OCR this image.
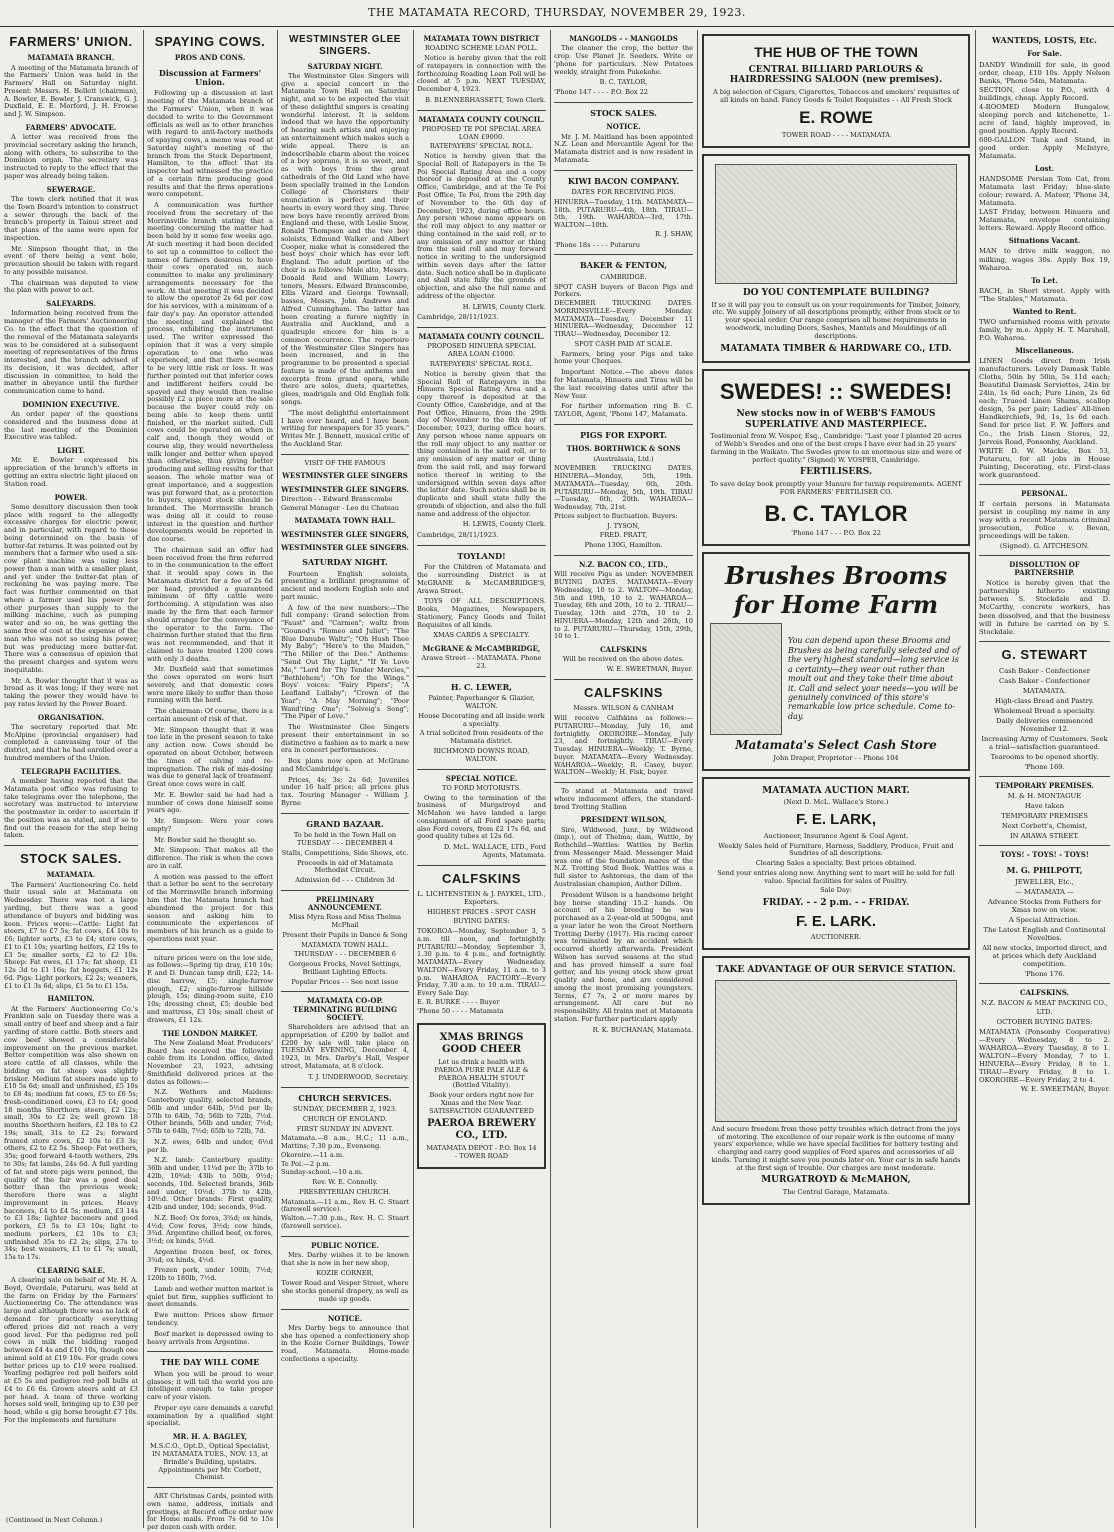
THE MATAMATA RECORD, THURSDAY, NOVEMBER 29, 1923.
FARMERS' UNION.
MATAMATA BRANCH.

A meeting of the Matamata branch of the Farmers' Union was held in the Farmers' Hall on Saturday night. Present: Messrs. H. Bellett (chairman), A. Bowler, E. Bowler, J. Cranswick, G. J. Duxfield, E. E. Morford, J. H. Frowse and J. W. Simpson.

FARMERS' ADVOCATE.

A letter was received from the provincial secretary asking the branch, along with others, to subscribe to the Dominion organ. The secretary was instructed to reply to the effect that the paper was already being taken.

SEWERAGE.

The town clerk notified that it was the Town Board's intention to construct a sewer through the back of the branch's property in Tainui street and that plans of the same were open for inspection.

Mr. Simpson thought that, in the event of there being a vent hole, precaution should be taken with regard to any possible nuisance.

The chairman was deputed to view the plan with power to act.

SALEYARDS.

Information being received from the manager of the Farmers' Auctioneering Co. to the effect that the question of the removal of the Matamata saleyards was to be considered at a subsequent meeting of representatives of the firms interested, and the branch advised of its decision, it was decided, after discussion in committee, to hold the matter in abeyance until the further communication came to hand.

DOMINION EXECUTIVE.

An order paper of the questions considered and the business done at the last meeting of the Dominion Executive was tabled.

LIGHT.

Mr. E. Bowler expressed his appreciation of the branch's efforts in getting an extra electric light placed on Station road.

POWER.

Some desultory discussion then took place with regard to the allegedly excessive charges for electric power, and in particular, with regard to those being determined on the basis of butter-fat returns. It was pointed out by members that a farmer who used a six-cow plant machine was using less power than a man with a smaller plant, and yet under the butter-fat plan of reckoning he was paying more. The fact was further commented on that where a farmer used his power for other purposes than supply to the milking machine, such as pumping water and so on, he was getting the same free of cost at the expense of the man who was not so using his power, but was producing more butter-fat. There was a consensus of opinion that the present charges and system were inequitable.

Mr. A. Bowler thought that it was as broad as it was long; if they were not taking the power they would have to pay rates levied by the Power Board.

ORGANISATION.

The secretary reported that Mr. McAlpine (provincial organiser) had completed a canvassing tour of the district, and that he had enrolled over a hundred members of the Union.

TELEGRAPH FACILITIES.

A member having reported that the Matamata post office was refusing to take telegrams over the telephone, the secretary was instructed to interview the postmaster in order to ascertain if the position was as stated, and if so to find out the reason for the step being taken.

STOCK SALES.
MATAMATA.

The Farmers' Auctioneering Co. held their usual sale at Matamata on Wednesday. There was not a large yarding, but there was a good attendance of buyers and bidding was keen. Prices were:—Cattle: Light fat steers, £7 to £7 5s; fat cows, £4 10s to £6; lighter sorts, £3 to £4; store cows, £1 to £1 10s; yearling heifers, £2 19s to £3 5s; smaller sorts, £2 to £2 10s. Sheep: Fat ewes, £1 17s; fat sheep, £1 12s 3d to £1 16s; fat hoggets, £1 12s 6d. Pigs: Light porkers, £2 2s; weaners, £1 to £1 3s 6d; slips, £1 5s to £1 15s.

HAMILTON.

At the Farmers' Auctioneering Co.'s Frankton sale on Tuesday there was a small entry of beef and sheep and a fair yarding of store cattle. Both steers and cow beef showed a considerable improvement on the previous market. Better competition was also shown on store cattle of all classes, while the bidding on fat sheep was slightly brisker. Medium fat steers made up to £10 5s 6d; small and unfinished, £5 10s to £8 4s; medium fat cows, £5 to £6 5s; fresh-conditioned cows, £3 to £4; good 18 months Shorthorn steers, £2 12s; small, 30s to £2 2s; well grown 18 months Shorthorn heifers, £2 18s to £2 19s; small, 31s to £2 2s; forward framed store cows, £2 10s to £3 3s; others, £2 to £2 5s. Sheep: Fat wethers, 35s; good forward 4-tooth wethers, 29s to 30s; fat lambs, 24s 6d. A full yarding of fat and store pigs were penned, the quality of the fair was a good deal better than the previous week; therefore there was a slight improvement in prices. Heavy baconers, £4 to £4 5s; medium, £3 14s to £3 18s; lighter baconers and good porkers, £3 5s to £3 10s; light to medium porkers, £2 10s to £3; unfinished 35s to £2 2s; slips, 27s to 34s; best weaners, £1 to £1 7s; small, 15s to 17s.

CLEARING SALE.

A clearing sale on behalf of Mr. H. A. Boyd, Overdale, Putaruru, was held at the farm on Friday by the Farmers' Auctioneering Co. The attendance was large and although there was no lack of demand for practically everything offered prices did not reach a very good level. For the pedigree red poll cows in milk the bidding ranged between £4 4s and £10 10s, though one animal sold at £19 10s. For grade cows better prices up to £19 were realised. Yearling pedigree red poll heifers sold at £5 5s and pedigree red poll bulls at £4 to £6 6s. Grown steers sold at £3 per head. A team of three working horses sold well, bringing up to £30 per head, while a gig horse brought £7 10s. For the implements and furniture

(Continued in Next Column.)
SPAYING COWS.
PROS AND CONS.
Discussion at Farmers' Union.

Following up a discussion at last meeting of the Matamata branch of the Farmers' Union, when it was decided to write to the Government officials as well as to other branches with regard to anti-factory methods of spaying cows, a memo was read at Saturday night's meeting of the branch from the Stock Department, Hamilton, to the effect that its inspector had witnessed the practice of a certain firm producing good results and that the firms operations were competent.

A communication was further received from the secretary of the Morrinsville branch stating that a meeting concerning the matter had been held by it some few weeks ago. At such meeting it had been decided to set up a committee to collect the names of farmers desirous to have their cows operated on, such committee to make any preliminary arrangements necessary for the work. At that meeting it was decided to allow the operator 2s 6d per cow for his services, with a minimum of a fair day's pay. An operator attended the meeting and explained the process, exhibiting the instrument used. The writer expressed the opinion that it was a very simple operation to one who was experienced, and that there seemed to be very little risk or loss. It was further pointed out that inferior cows and indifferent heifers could be spayed and they would then realise possibly £2 a piece more at the sale because the buyer could rely on being able to keep them until finished, or the market suited. Cull cows could be operated on when in calf and, though they would of course slip, they would nevertheless milk longer and better when spayed than otherwise, thus giving better producing and selling results for that season. The whole matter was of great importance, and a suggestion was put forward that, as a protection to buyers, spayed stock should be branded. The Morrinsville branch was doing all it could to rouse interest in the question and further developments would be reported in due course.

The chairman said an offer had been received from the firm referred to in the communication to the effect that it would spay cows in the Matamata district for a fee of 2s 6d per head, provided a guaranteed minimum of fifty cattle were forthcoming. A stipulation was also made by the firm that each farmer should arrange for the conveyance of the operator to the farm. The chairman further stated that the firm was not recommended, and that it claimed to have treated 1200 cows with only 3 deaths.

Mr. Duxfield said that sometimes the cows operated on were hurt severely, and that domestic cows were more likely to suffer than those running with the herd.

The chairman: Of course, there is a certain amount of risk of that.

Mr. Simpson thought that it was too late in the present season to take any action now. Cows should be operated on about October, between the times of calving and re-impregnation. The risk of mis-dosing was due to general lack of treatment. Great once cows were in calf.

Mr. E. Bowler said he had had a number of cows done himself some years ago.

Mr. Simpson: Were your cows empty?

Mr. Bowler said he thought so.

Mr. Simpson: That makes all the difference. The risk is when the cows are in calf.

A motion was passed to the effect that a letter be sent to the secretary of the Morrinsville branch informing him that the Matamata branch had abandoned the project for this season and asking him to communicate the experiences of members of his branch as a guide to operations next year.

niture prices were on the low side, as follows:—Spring tip dray, £10 10s; P. and D. Duncan tamp drill, £22; 14-disc harrow, £5; single-furrow plough, £2; single-furrow hillside plough, 15s; dining-room suite, £10 10s; dressing chest, £5; double bed and mattress, £3 10s; small chest of drawers, £1 12s.

THE LONDON MARKET.

The New Zealand Meat Producers' Board has received the following cable from its London office, dated November 23, 1923, advising Smithfield delivered prices at the dates as follows:—

N.Z. Wethers and Maidens: Canterbury quality, selected brands, 56lb and under 64lb, 5½d per lb; 57lb to 64lb, 7d; 56lb to 72lb, 7½d. Other brands, 56lb and under, 7½d; 57lb to 64lb, 7½d; 65lb to 72lb, 7d.

N.Z. ewes, 64lb and under, 6½d per lb.

N.Z. lamb: Canterbury quality: 36lb and under, 11¼d per lb; 37lb to 42lb, 10¾d; 43lb to 50lb, 9½d; seconds, 10d. Selected brands, 36lb and under, 10½d; 37lb to 42lb, 10½d. Other brands: First quality, 42lb and under, 10d; seconds, 9¼d.

N.Z. Beef: Ox fores, 3¾d; ox hinds, 4½d; Cow fores, 3½d; cow hinds, 3¾d. Argentine chilled beef, ox fores, 3½d; ox hinds, 5½d.

Argentine frozen beef, ox fores, 3¾d; ox hinds, 4½d.

Frozen pork, under 100lb, 7½d; 120lb to 180lb, 7½d.

Lamb and wether mutton market is quiet but firm, supplies sufficient to meet demands.

Ewe mutton: Prices show firmer tendency.

Beef market is depressed owing to heavy arrivals from Argentine.

THE DAY WILL COME

When you will be proud to wear glasses; it will tell the world you are intelligent enough to take proper care of your vision.

Proper eye care demands a careful examination by a qualified sight specialist.

MR. H. A. BAGLEY,

M.S.C.O., Opt.D., Optical Specialist, IN MATAMATA TUES., NOV. 13, at Brindle's Building, upstairs. Appointments per Mr. Corbett, Chemist.

ART Christmas Cards, pointed with own name, address, initials and greetings, at Record office order now for Home mails. From 7s 6d to 15s per dozen cash with order.

WESTMINSTER GLEE SINGERS.
SATURDAY NIGHT.

The Westminster Glee Singers will give a special concert in the Matamata Town Hall on Saturday night, and so to be expected the visit of these delightful singers is creating wonderful interest. It is seldom indeed that we have the opportunity of hearing such artists and enjoying an entertainment which makes such a wide appeal. There is an indescribable charm about the voices of a boy soprano, it is so sweet, and as with boys from the great cathedrals of the Old Land who have been specially trained in the London College of Choristers their enunciation is perfect and their hearts in every word they sing. Three new boys have recently arrived from England and these, with Leslie Snow, Ronald Thompson and the two boy soloists, Edmund Walker and Albert Cooper, make what is considered the best boys' choir which has ever left England. The adult portion of the choir is as follows: Male alto, Messrs. Donald Reid and William Lowry; tenors, Messrs. Edward Branscombe, Ellis Vizard and George Townsall; basses, Messrs. John Andrews and Alfred Cunningham. The latter has been creating a furore nightly in Australia and Auckland, and a quadruple encore for him is a common occurrence. The repertoire of the Westminster Glee Singers has been increased, and in the programme to be presented a special feature is made of the anthems and excerpts from grand opera, while there are solos, duets, quartettes, glees, madrigals and Old English folk songs.

"The most delightful entertainment I have ever heard, and I have been writing for newspapers for 35 years." Writes Mr. J. Bennett, musical critic of the Auckland Star.

VISIT OF THE FAMOUS

WESTMINSTER GLEE SINGERS
WESTMINSTER GLEE SINGERS.

Direction - - Edward Branscombe

General Manager - Leo du Chateau

MATAMATA TOWN HALL.
WESTMINSTER GLEE SINGERS,
WESTMINSTER GLEE SINGERS.
SATURDAY NIGHT.

Fourteen English soloists, presenting a brilliant programme of ancient and modern English solo and part music.

A few of the new numbers:—The full company: Grand selection from "Faust" and "Carmen"; waltz from "Gounod's "Romeo and Juliet"; "The Blue Danube Waltz"; "Oh Hush Thee My Baby"; "Here's to the Maiden," "The Miller of the Dee." Anthems: "Send Out Thy Light," "If Ye Love Me," "Lord for Thy Tender Mercies," "Bethlehem"; "Oh for the Wings." Boys' voices: "Fairy Pipers"; "A Leafland Lullaby"; "Crown of the Year"; "A May Morning"; "Poor Wand'ring One"; "Solveig's Song"; "The Piper of Love."

The Westminster Glee Singers present their entertainment in so distinctive a fashion as to mark a new era in concert performances.

Box plans now open at McGrane and McCambridge's.

Prices, 4s; 3s; 2s 6d; Juveniles under 16 half price; all prices plus tax. Touring Manager - William J. Byrne

GRAND BAZAAR.

To be held in the Town Hall on TUESDAY - - - DECEMBER 4

Stalls, Competitions, Side Shows, etc.

Proceeds in aid of Matamata Methodist Circuit.

Admission 6d - - - Children 3d

PRELIMINARY ANNOUNCEMENT.

Miss Myra Ross and Miss Thelma McPhail

Present their Pupils in Dance & Song

MATAMATA TOWN HALL.

THURSDAY - - - DECEMBER 6

Gorgeous Frocks, Novel Settings, Brilliant Lighting Effects.

Popular Prices - - See next issue

MATAMATA CO-OP. TERMINATING BUILDING SOCIETY.

Shareholders are advised that an appropriation of £200 by ballot and £200 by sale will take place on TUESDAY EVENING, December 4, 1923, in Mrs. Darby's Hall, Vesper street, Matamata, at 8 o'clock.

T. J. UNDERWOOD, Secretary.

CHURCH SERVICES.

SUNDAY, DECEMBER 2, 1923.

CHURCH OF ENGLAND.

FIRST SUNDAY IN ADVENT.

Matamata.—8 a.m., H.C.; 11 a.m., Mattins; 7.30 p.m., Evensong.

Okoroire.—11 a.m.

Te Poi.—2 p.m.

Sunday-school.—10 a.m.

Rev. W. E. Connolly.

PRESBYTERIAN CHURCH.

Matamata.—11 a.m., Rev. H. C. Stuart (farewell service).

Walton.—7.30 p.m., Rev. H. C. Stuart (farewell service).

PUBLIC NOTICE.

Mrs. Darby wishes it to be known that she is now in her new shop,

KOZIE CORNER,

Tower Road and Vesper Street, where she stocks general drapery, as well as made up goods.

NOTICE.

Mrs Darby begs to announce that she has opened a confectionery shop in the Kozie Corner Buildings, Tower road, Matamata. Home-made confections a specialty.

MATAMATA TOWN DISTRICT

ROADING SCHEME LOAN POLL.

Notice is hereby given that the roll of ratepayers in connection with the forthcoming Roading Loan Poll will be closed at 5 p.m. NEXT TUESDAY, December 4, 1923.

B. BLENNERHASSETT, Town Clerk.

MATAMATA COUNTY COUNCIL.

PROPOSED TE POI SPECIAL AREA LOAN £9000.

RATEPAYERS' SPECIAL ROLL.

Notice is hereby given that the Special Roll of Ratepayers in the Te Poi Special Rating Area and a copy thereof is deposited at the County Office, Cambridge, and at the Te Poi Post Office, Te Poi, from the 29th day of November to the 6th day of December, 1923, during office hours. Any person whose name appears on the roll may object to any matter or thing contained in the said roll, or to any omission of any matter or thing from the said roll and may forward notice in writing to the undersigned within seven days after the latter date. Such notice shall be in duplicate and shall state fully the grounds of objection, and also the full name and address of the objector.

H. LEWIS, County Clerk.

Cambridge, 28/11/1923.

MATAMATA COUNTY COUNCIL.

PROPOSED HINUERA SPECIAL AREA LOAN £1000.

RATEPAYERS' SPECIAL ROLL.

Notice is hereby given that the Special Roll of Ratepayers in the Hinuera Special Rating Area and a copy thereof is deposited at the County Office, Cambridge, and at the Post Office, Hinuera, from the 29th day of November to the 6th day of December, 1923, during office hours. Any person whose name appears on the roll may object to any matter or thing contained in the said roll, or to any omission of any matter or thing from the said roll, and may forward notice thereof in writing to the undersigned within seven days after the latter date. Such notice shall be in duplicate and shall state fully the grounds of objection, and also the full name and address of the objector.

H. LEWIS, County Clerk.

Cambridge, 28/11/1923.

TOYLAND!

For the Children of Matamata and the surrounding District is at McGRANE & McCAMBRIDGE'S, Arawa Street.

TOYS OF ALL DESCRIPTIONS. Books, Magazines, Newspapers, Stationery, Fancy Goods and Toilet Requisites of all kinds.

XMAS CARDS A SPECIALTY.

McGRANE & McCAMBRIDGE,

Arawa Street - - MATAMATA. Phone 23.

H. C. LEWER,

Painter, Paperhanger & Glazier, WALTON.

House Decorating and all inside work a specialty.

A trial solicited from residents of the Matamata district.

RICHMOND DOWNS ROAD, WALTON.

SPECIAL NOTICE.

TO FORD MOTORISTS.

Owing to the termination of the business of Murgatroyd and McMahon we have landed a large consignment of all Ford spare parts; also Ford covers, from £2 17s 6d, and good quality tubes at 12s 6d.

D. McL. WALLACE, LTD., Ford Agents, Matamata.

CALFSKINS

L. LICHTENSTEIN & J. PAYKEL, LTD., Exporters.

HIGHEST PRICES - SPOT CASH

BUYING DATES:

TOKOROA—Monday, September 3, 5 a.m. till noon, and fortnightly. PUTARURU—Monday, September 3, 1.30 p.m. to 4 p.m., and fortnightly. MATAMATA—Every Wednesday. WALTON—Every Friday, 11 a.m. to 3 p.m. WAHAROA FACTORY—Every Friday, 7.30 a.m. to 10 a.m. TIRAU—Every Sale Day.

E. R. BURKE - - - - Buyer

'Phone 50 - - - - Matamata

XMAS BRINGS GOOD CHEER
Let us drink a health with PAEROA PURE PALE ALE & PAEROA HEALTH STOUT (Bottled Vitality).
Book your orders right now for Xmas and the New Year. SATISFACTION GUARANTEED
PAEROA BREWERY CO., LTD.
MATAMATA DEPOT - P.O. Box 14 - TOWER ROAD
MANGOLDS - - MANGOLDS

The cleaner the crop, the better the crop. Use Planet Jr. Seeders. Write or 'phone for particulars. New Potatoes weekly, straight from Pukekohe.

B. C. TAYLOR,

'Phone 147 - - - - P.O. Box 22

STOCK SALES.
NOTICE.

Mr. J. M. Maitland has been appointed N.Z. Loan and Mercantile Agent for the Matamata district and is now resident in Matamata.

KIWI BACON COMPANY.

DATES FOR RECEIVING PIGS.

HINUERA—Tuesday, 11th. MATAMATA—18th. PUTARURU—4th, 18th. TIRAU—5th, 19th. WAHAROA—3rd, 17th. WALTON—10th.

R. J. SHAW,

'Phone 18s - - - - Putaruru

BAKER & FENTON,

CAMBRIDGE.

SPOT CASH buyers of Bacon Pigs and Porkers.

DECEMBER TRUCKING DATES. MORRINSVILLE—Every Monday. MATAMATA—Tuesday, December 11 HINUERA—Wednesday, December 12 TIRAU—Wednesday, December 12.

SPOT CASH PAID AT SCALE.

Farmers, bring your Pigs and take home your Cheques.

Important Notice.—The above dates for Matamata, Hinuera and Tirau will be the last receiving dates until after the New Year.

For further information ring B. C. TAYLOR, Agent, 'Phone 147, Matamata.

PIGS FOR EXPORT.
THOS. BORTHWICK & SONS

(Australasia, Ltd.)

NOVEMBER TRUCKING DATES. HINUERA—Monday, 5th, 19th. MATAMATA—Tuesday, 6th, 20th. PUTARURU—Monday, 5th, 19th. TIRAU—Tuesday, 6th, 20th. WAHAROA—Wednesday, 7th, 21st.

Prices subject to fluctuation. Buyers:

J. TYSON,

FRED. PRATT,

Phone 130G, Hamilton.

N.Z. BACON CO., LTD.,

Will receive Pigs as under: NOVEMBER BUYING DATES. MATAMATA—Every Wednesday, 10 to 2. WALTON—Monday, 5th and 19th, 10 to 2. WAHAROA—Tuesday, 6th and 20th, 10 to 2. TIRAU—Tuesday, 13th and 27th, 10 to 2. HINUERA—Monday, 12th and 26th, 10 to 2. PUTARURU—Thursday, 15th, 29th, 10 to 1.

CALFSKINS

Will be received on the above dates.

W. E. SWEETMAN, Buyer.

CALFSKINS

Messrs. WILSON & CANHAM

Will receive Calfskins as follows:—PUTARURU—Monday, July 16, and fortnightly. OKOROIRE—Monday, July 23, and fortnightly. TIRAU—Every Tuesday. HINUERA—Weekly; T. Byrne, buyer. MATAMATA—Every Wednesday. WAHAROA—Weekly; R. Casey, buyer. WALTON—Weekly; H. Fisk, buyer.

To stand at Matamata and travel where inducement offers, the standard-bred Trotting Stallion

PRESIDENT WILSON,

Sire, Wildwood, Junr., by Wildwood (imp.), out of Thelma; dam, Wattle, by Rothchild—Wattles: Wattles by Berlin from Messenger Maid. Messenger Maid was one of the foundation mares of the N.Z. Trotting Stud Book. Wattles was a full sister to Ashtoreas, the dam of the Australasian champion, Author Dillon.

President Wilson is a handsome bright bay horse standing 15.2 hands. On account of his breeding he was purchased as a 2-year-old at 500gns, and a year later he won the Great Northern Trotting Derby (1917). His racing career was terminated by an accident which occurred shortly afterwards. President Wilson has served seasons at the stud and has proved himself a sure foal getter, and his young stock show great quality and bone, and are considered among the most promising youngsters. Terms, £7 7s, 2 or more mares by arrangement. All care but no responsibility. All trains met at Matamata station. For further particulars apply

R. K. BUCHANAN, Matamata.

THE HUB OF THE TOWN
CENTRAL BILLIARD PARLOURS & HAIRDRESSING SALOON (new premises).
A big selection of Cigars, Cigarettes, Tobaccos and smokers' requisites of all kinds on hand. Fancy Goods & Toilet Requisites - - All Fresh Stock
E. ROWE
TOWER ROAD - - - - MATAMATA
DO YOU CONTEMPLATE BUILDING?
If so it will pay you to consult us on your requirements for Timber, Joinery, etc. We supply Joinery of all descriptions promptly, either from stock or to your special order. Our range comprises all home requirements in woodwork, including Doors, Sashes, Mantels and Mouldings of all descriptions.
MATAMATA TIMBER & HARDWARE CO., LTD.
SWEDES! :: SWEDES!
New stocks now in of WEBB'S FAMOUS SUPERLATIVE AND MASTERPIECE.
Testimonial from W. Vosper, Esq., Cambridge: "Last year I planted 20 acres of Webb's Swedes and one of the best crops I have ever had in 25 years' farming in the Waikato. The Swedes grew to an enormous size and were of perfect quality." (Signed) W. VOSPER, Cambridge.
FERTILISERS.
To save delay book promptly your Manure for turnip requirements. AGENT FOR FARMERS' FERTILISER CO.
B. C. TAYLOR
'Phone 147 - - - P.O. Box 22
Brushes Brooms for Home Farm
You can depend upon these Brooms and Brushes as being carefully selected and of the very highest standard—long service is a certainty—they wear out rather than moult out and they take their time about it. Call and select your needs—you will be genuinely convinced of this store's remarkable low price schedule. Come to-day.
Matamata's Select Cash Store
John Draper, Proprietor - - Phone 104
MATAMATA AUCTION MART.
(Next D. McL. Wallace's Store.)
F. E. LARK,
Auctioneer, Insurance Agent & Coal Agent.
Weekly Sales held of Furniture, Harness, Saddlery, Produce, Fruit and Sundries of all descriptions.
Clearing Sales a specialty. Best prices obtained.
Send your entries along now. Anything sent to mart will be sold for full value. Special facilities for sales of Poultry.
Sale Day:
FRIDAY. - - 2 p.m. - - FRIDAY.
F. E. LARK.
AUCTIONEER.
TAKE ADVANTAGE OF OUR SERVICE STATION.
And secure freedom from those petty troubles which detract from the joys of motoring. The excellence of our repair work is the outcome of many years' experience, while we have special facilities for battery testing and charging and carry good supplies of Ford spares and accessories of all kinds. Turning it might save you pounds later on. Your car is in safe hands at the first sign of trouble. Our charges are most moderate.
MURGATROYD & McMAHON,
The Central Garage, Matamata.
WANTEDS, LOSTS, Etc.
For Sale.

DANDY Windmill for sale, in good order, cheap, £10 10s. Apply Nelson Banks, 'Phone 54m, Matamata.

SECTION, close to P.O., with 4 buildings, cheap. Apply Record.

4-ROOMED Modern Bungalow, sleeping porch and kitchenette, 1-acre of land, highly improved, in good position. Apply Record.

600-GALLON Tank and Stand, in good order. Apply McIntyre, Matamata.

Lost.

HANDSOME Persian Tom Cat, from Matamata last Friday; blue-slate colour; reward. A. Mateer, 'Phone 34, Matamata.

LAST Friday, between Hinuera and Matamata, envelope containing letters. Reward. Apply Record office.

Situations Vacant.

MAN to drive milk waggon, no milking, wages 30s. Apply Box 19, Waharoa.

To Let.

BACH, in Short street. Apply with "The Stables," Matamata.

Wanted to Rent.

TWO unfurnished rooms with private family, by m.e. Apply H. T. Marshall, P.O. Waharoa.

Miscellaneous.

LINEN Goods direct from Irish manufacturers. Lovely Damask Table Cloths, 50in by 50in, 5s 11d each; Beautiful Damask Serviettes, 24in by 24in, 1s 6d each; Pure Linen, 2s 6d each; Trueod Linen Shams, scallop design, 5s per pair; Ladies' All-linen Handkerchiefs, 9d, 1s, 1s 6d each. Send for price list. F. W. Jeffers and Co., the Irish Linen Stores, 22, Jervois Road, Ponsonby, Auckland.

WRITE D. W. Mackie, Box 53, Putaruru, for all jobs in House Painting, Decorating, etc. First-class work guaranteed.

PERSONAL.

If certain persons in Matamata persist in coupling my name in any way with a recent Matamata criminal prosecution, Police v. Bevan, proceedings will be taken.

(Signed). G. AITCHESON.

DISSOLUTION OF PARTNERSHIP.

Notice is hereby given that the partnership hitherto existing between S. Stockdale and D. McCarthy, concrete workers, has been dissolved, and that the business will in future be carried on by S. Stockdale.

G. STEWART

Cash Baker - Confectioner

Cash Baker - Confectioner

MATAMATA.

High-class Bread and Pastry.

Wholemeal Bread a specialty.

Daily deliveries commenced November 12.

Increasing Army of Customers. Seek a trial—satisfaction guaranteed.

Tearooms to be opened shortly.

'Phone 169.

TEMPORARY PREMISES.

M. & H. MONTAGUE

Have taken

TEMPORARY PREMISES

Next Corbett's, Chemist,

IN ARAWA STREET.

TOYS! - TOYS! - TOYS!
M. G. PHILPOTT,

JEWELLER, Etc.,

— MATAMATA —

Advance Stocks from Fathers for Xmas now on view.

A Special Attraction.

The Latest English and Continental Novelties.

All new stocks, imported direct, and at prices which defy Auckland competition.

'Phone 176.

CALFSKINS.

N.Z. BACON & MEAT PACKING CO., LTD.

OCTOBER BUYING DATES:

MATAMATA (Ponsonby Cooperative)—Every Wednesday, 8 to 2. WAHAROA—Every Tuesday, 8 to 1. WALTON—Every Monday, 7 to 1. HINUERA—Every Friday, 8 to 1. TIRAU—Every Friday, 8 to 1. OKOROIRE—Every Friday, 2 to 4.

W. E. SWEETMAN, Buyer.
